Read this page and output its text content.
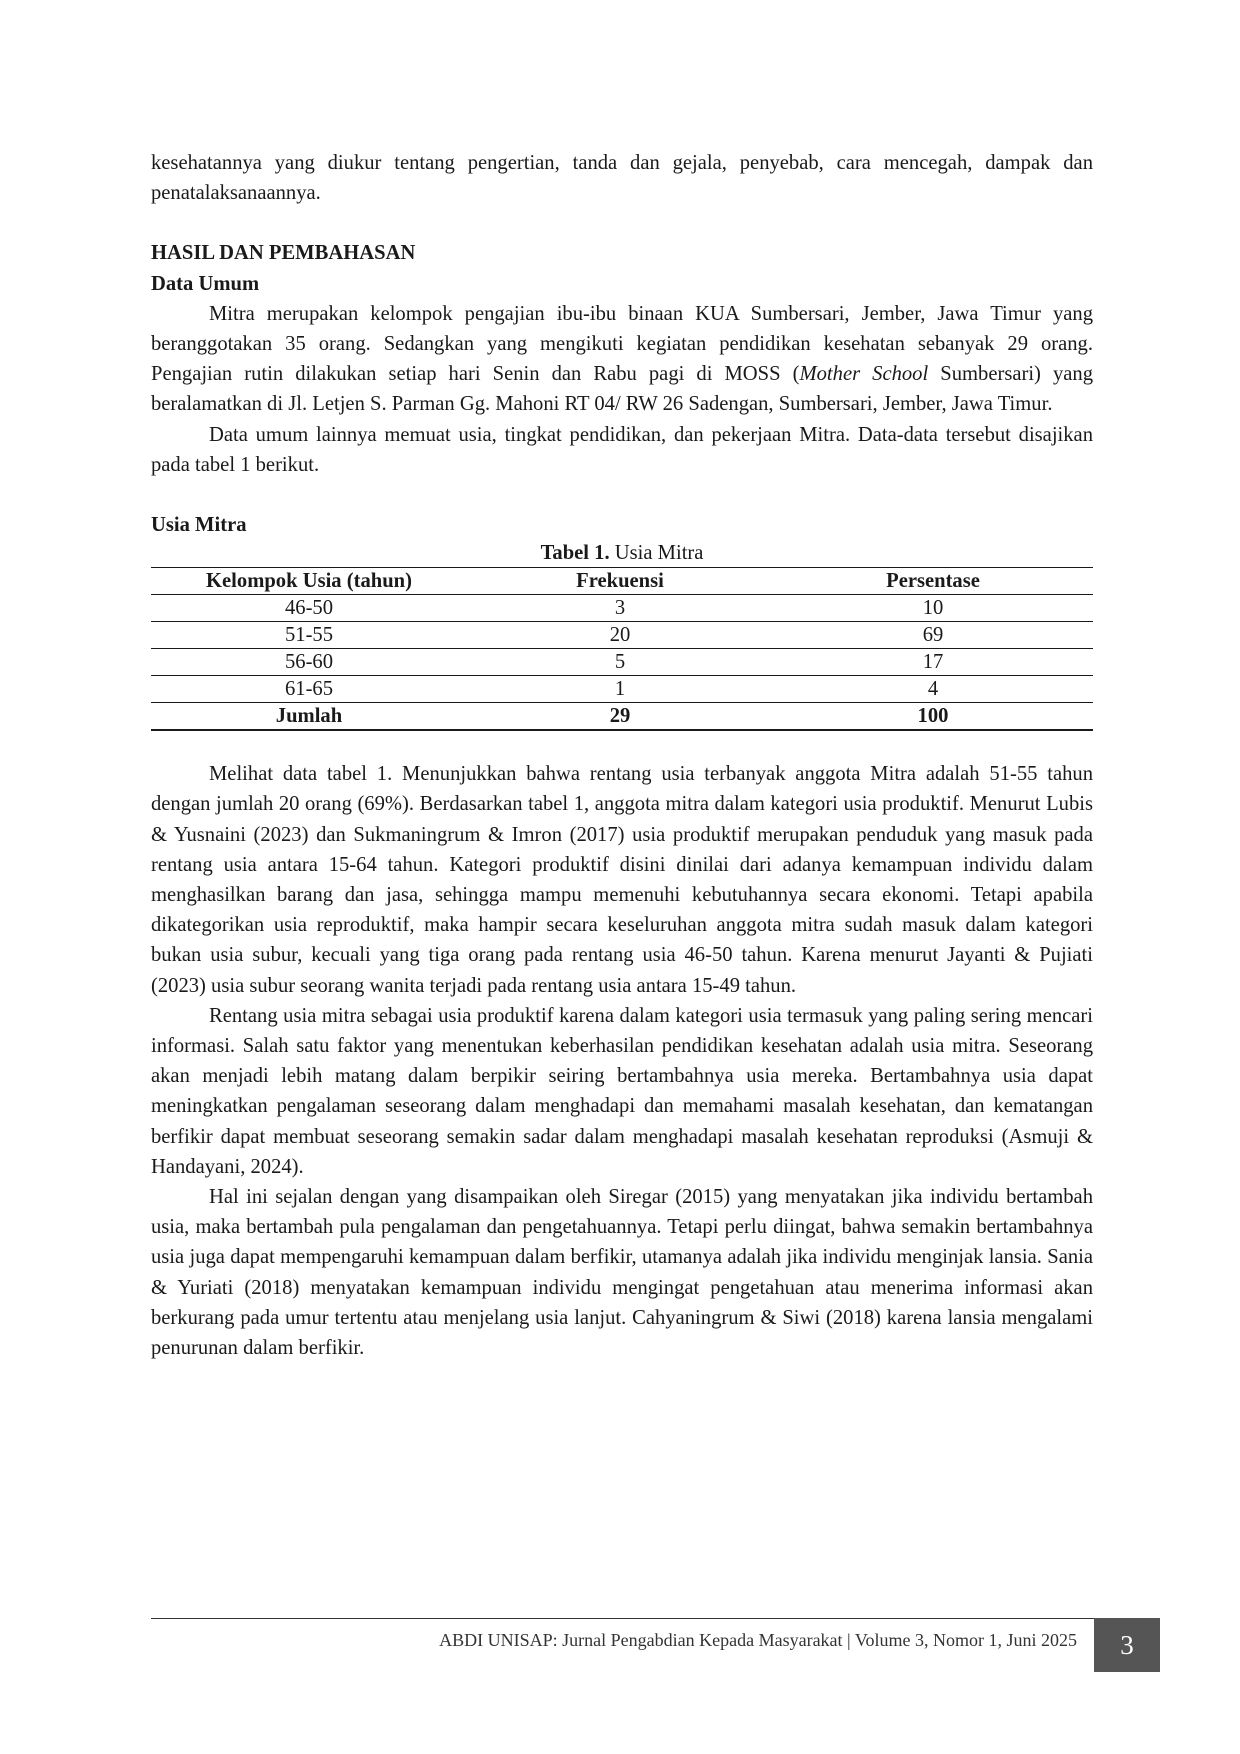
kesehatannya yang diukur tentang pengertian, tanda dan gejala, penyebab, cara mencegah, dampak dan penatalaksanaannya.

HASIL DAN PEMBAHASAN
Data Umum

Mitra merupakan kelompok pengajian ibu-ibu binaan KUA Sumbersari, Jember, Jawa Timur yang beranggotakan 35 orang. Sedangkan yang mengikuti kegiatan pendidikan kesehatan sebanyak 29 orang. Pengajian rutin dilakukan setiap hari Senin dan Rabu pagi di MOSS (Mother School Sumbersari) yang beralamatkan di Jl. Letjen S. Parman Gg. Mahoni RT 04/ RW 26 Sadengan, Sumbersari, Jember, Jawa Timur.

Data umum lainnya memuat usia, tingkat pendidikan, dan pekerjaan Mitra. Data-data tersebut disajikan pada tabel 1 berikut.

Usia Mitra
Tabel 1. Usia Mitra
Kelompok Usia (tahun)	Frekuensi	Persentase
46-50	3	10
51-55	20	69
56-60	5	17
61-65	1	4
Jumlah	29	100

Melihat data tabel 1. Menunjukkan bahwa rentang usia terbanyak anggota Mitra adalah 51-55 tahun dengan jumlah 20 orang (69%). Berdasarkan tabel 1, anggota mitra dalam kategori usia produktif. Menurut Lubis & Yusnaini (2023) dan Sukmaningrum & Imron (2017) usia produktif merupakan penduduk yang masuk pada rentang usia antara 15-64 tahun. Kategori produktif disini dinilai dari adanya kemampuan individu dalam menghasilkan barang dan jasa, sehingga mampu memenuhi kebutuhannya secara ekonomi. Tetapi apabila dikategorikan usia reproduktif, maka hampir secara keseluruhan anggota mitra sudah masuk dalam kategori bukan usia subur, kecuali yang tiga orang pada rentang usia 46-50 tahun. Karena menurut Jayanti & Pujiati (2023) usia subur seorang wanita terjadi pada rentang usia antara 15-49 tahun.

Rentang usia mitra sebagai usia produktif karena dalam kategori usia termasuk yang paling sering mencari informasi. Salah satu faktor yang menentukan keberhasilan pendidikan kesehatan adalah usia mitra. Seseorang akan menjadi lebih matang dalam berpikir seiring bertambahnya usia mereka. Bertambahnya usia dapat meningkatkan pengalaman seseorang dalam menghadapi dan memahami masalah kesehatan, dan kematangan berfikir dapat membuat seseorang semakin sadar dalam menghadapi masalah kesehatan reproduksi (Asmuji & Handayani, 2024).

Hal ini sejalan dengan yang disampaikan oleh Siregar (2015) yang menyatakan jika individu bertambah usia, maka bertambah pula pengalaman dan pengetahuannya. Tetapi perlu diingat, bahwa semakin bertambahnya usia juga dapat mempengaruhi kemampuan dalam berfikir, utamanya adalah jika individu menginjak lansia. Sania & Yuriati (2018) menyatakan kemampuan individu mengingat pengetahuan atau menerima informasi akan berkurang pada umur tertentu atau menjelang usia lanjut. Cahyaningrum & Siwi (2018) karena lansia mengalami penurunan dalam berfikir.

ABDI UNISAP: Jurnal Pengabdian Kepada Masyarakat | Volume 3, Nomor 1, Juni 2025	3
